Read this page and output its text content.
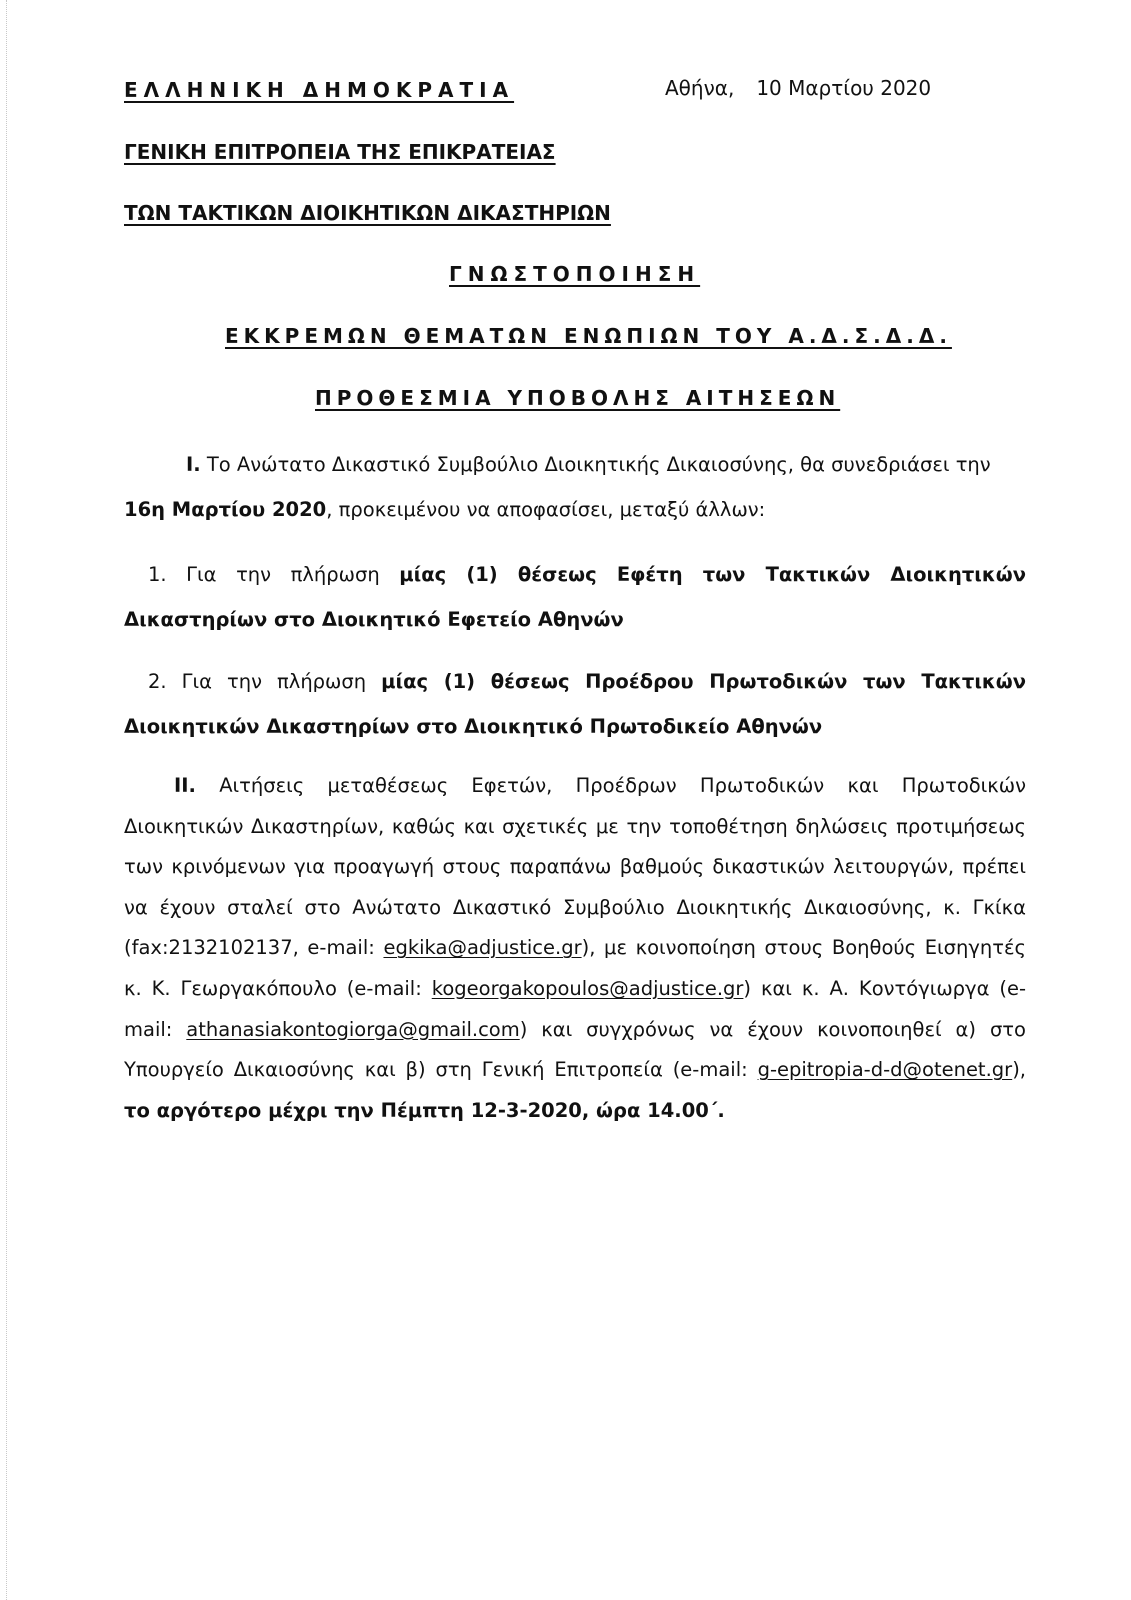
ΕΛΛΗΝΙΚΗ ΔΗΜΟΚΡΑΤΙΑ	Αθήνα, 10 Μαρτίου 2020
ΓΕΝΙΚΗ ΕΠΙΤΡΟΠΕΙΑ ΤΗΣ ΕΠΙΚΡΑΤΕΙΑΣ
ΤΩΝ ΤΑΚΤΙΚΩΝ ΔΙΟΙΚΗΤΙΚΩΝ ΔΙΚΑΣΤΗΡΙΩΝ
ΓΝΩΣΤΟΠΟΙΗΣΗ
ΕΚΚΡΕΜΩΝ ΘΕΜΑΤΩΝ ΕΝΩΠΙΩΝ ΤΟΥ Α.Δ.Σ.Δ.Δ.
ΠΡΟΘΕΣΜΙΑ ΥΠΟΒΟΛΗΣ ΑΙΤΗΣΕΩΝ
Ι. Το Ανώτατο Δικαστικό Συμβούλιο Διοικητικής Δικαιοσύνης, θα συνεδριάσει την
16η Μαρτίου 2020, προκειμένου να αποφασίσει, μεταξύ άλλων:
1. Για την πλήρωση μίας (1) θέσεως Εφέτη των Τακτικών Διοικητικών
Δικαστηρίων στο Διοικητικό Εφετείο Αθηνών
2. Για την πλήρωση μίας (1) θέσεως Προέδρου Πρωτοδικών των Τακτικών
Διοικητικών Δικαστηρίων στο Διοικητικό Πρωτοδικείο Αθηνών
ΙΙ. Αιτήσεις μεταθέσεως Εφετών, Προέδρων Πρωτοδικών και Πρωτοδικών Διοικητικών Δικαστηρίων, καθώς και σχετικές με την τοποθέτηση δηλώσεις προτιμήσεως των κρινόμενων για προαγωγή στους παραπάνω βαθμούς δικαστικών λειτουργών, πρέπει να έχουν σταλεί στο Ανώτατο Δικαστικό Συμβούλιο Διοικητικής Δικαιοσύνης, κ. Γκίκα (fax:2132102137, e-mail: egkika@adjustice.gr), με κοινοποίηση στους Βοηθούς Εισηγητές κ. Κ. Γεωργακόπουλο (e-mail: kogeorgakopoulos@adjustice.gr) και κ. Α. Κοντόγιωργα (e-mail: athanasiakontogiorga@gmail.com) και συγχρόνως να έχουν κοινοποιηθεί α) στο Υπουργείο Δικαιοσύνης και β) στη Γενική Επιτροπεία (e-mail: g-epitropia-d-d@otenet.gr), το αργότερο μέχρι την Πέμπτη 12-3-2020, ώρα 14.00΄.
